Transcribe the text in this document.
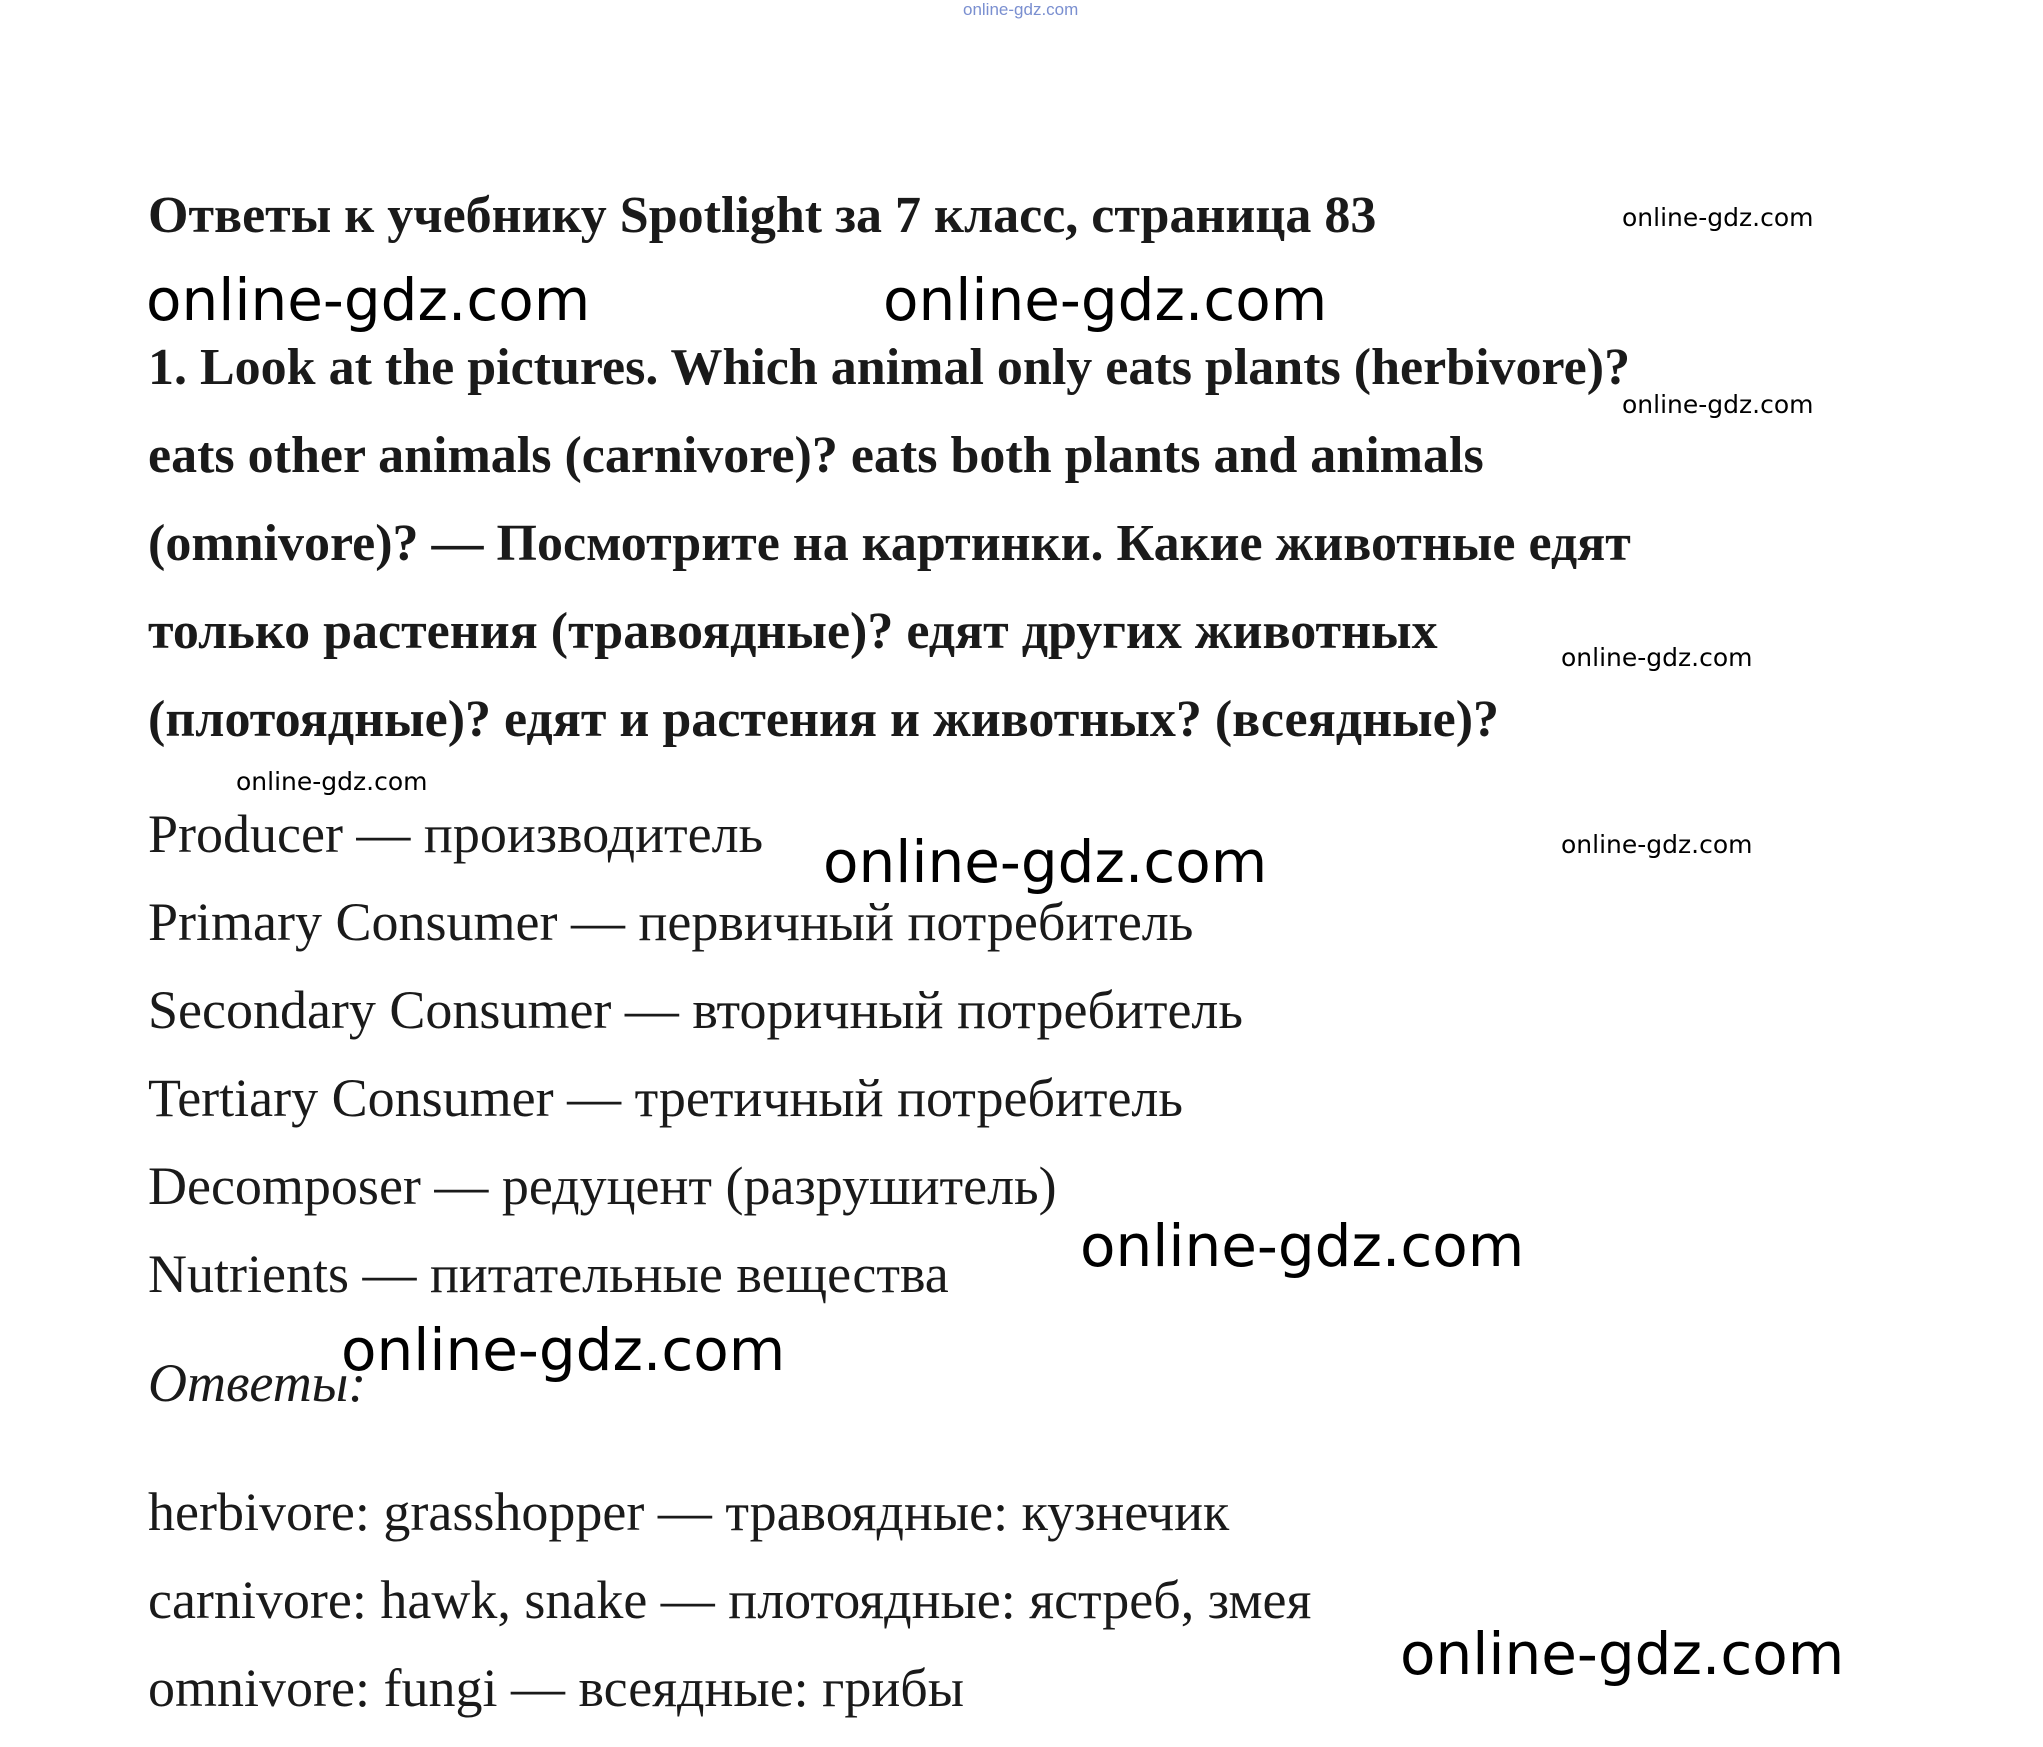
online-gdz.com
Ответы к учебнику Spotlight за 7 класс, страница 83
1. Look at the pictures. Which animal only eats plants (herbivore)?
eats other animals (carnivore)? eats both plants and animals
(omnivore)? — Посмотрите на картинки. Какие животные едят
только растения (травоядные)? едят других животных
(плотоядные)? едят и растения и животных? (всеядные)?
Producer — производитель
Primary Consumer — первичный потребитель
Secondary Consumer — вторичный потребитель
Tertiary Consumer — третичный потребитель
Decomposer — редуцент (разрушитель)
Nutrients — питательные вещества
Ответы:
herbivore: grasshopper — травоядные: кузнечик
carnivore: hawk, snake — плотоядные: ястреб, змея
omnivore: fungi — всеядные: грибы
online-gdz.com
online-gdz.com	online-gdz.com
online-gdz.com
online-gdz.com
online-gdz.com
online-gdz.com	online-gdz.com
online-gdz.com
online-gdz.com
online-gdz.com
